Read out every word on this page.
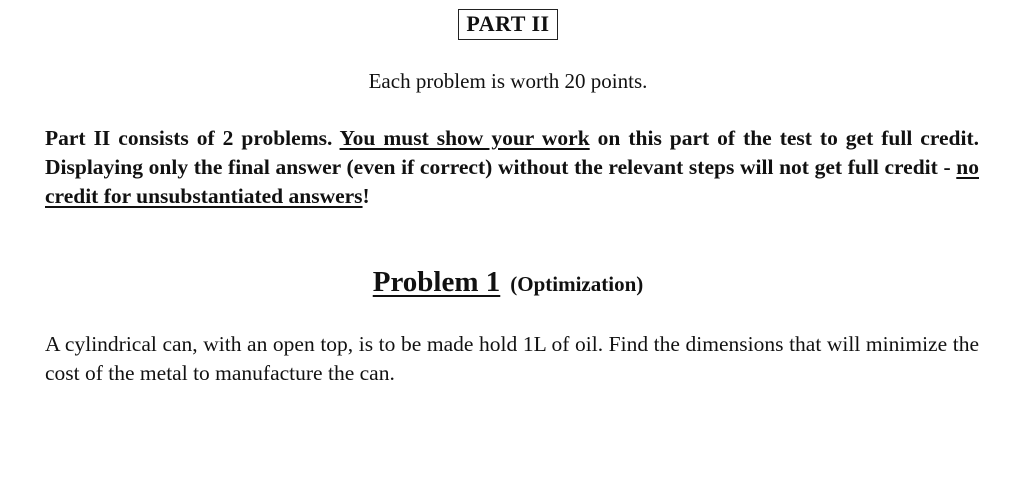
PART II
Each problem is worth 20 points.
Part II consists of 2 problems. You must show your work on this part of the test to get full credit. Displaying only the final answer (even if correct) without the relevant steps will not get full credit - no credit for unsubstantiated answers!
Problem 1 (Optimization)
A cylindrical can, with an open top, is to be made hold 1L of oil. Find the dimensions that will minimize the cost of the metal to manufacture the can.
